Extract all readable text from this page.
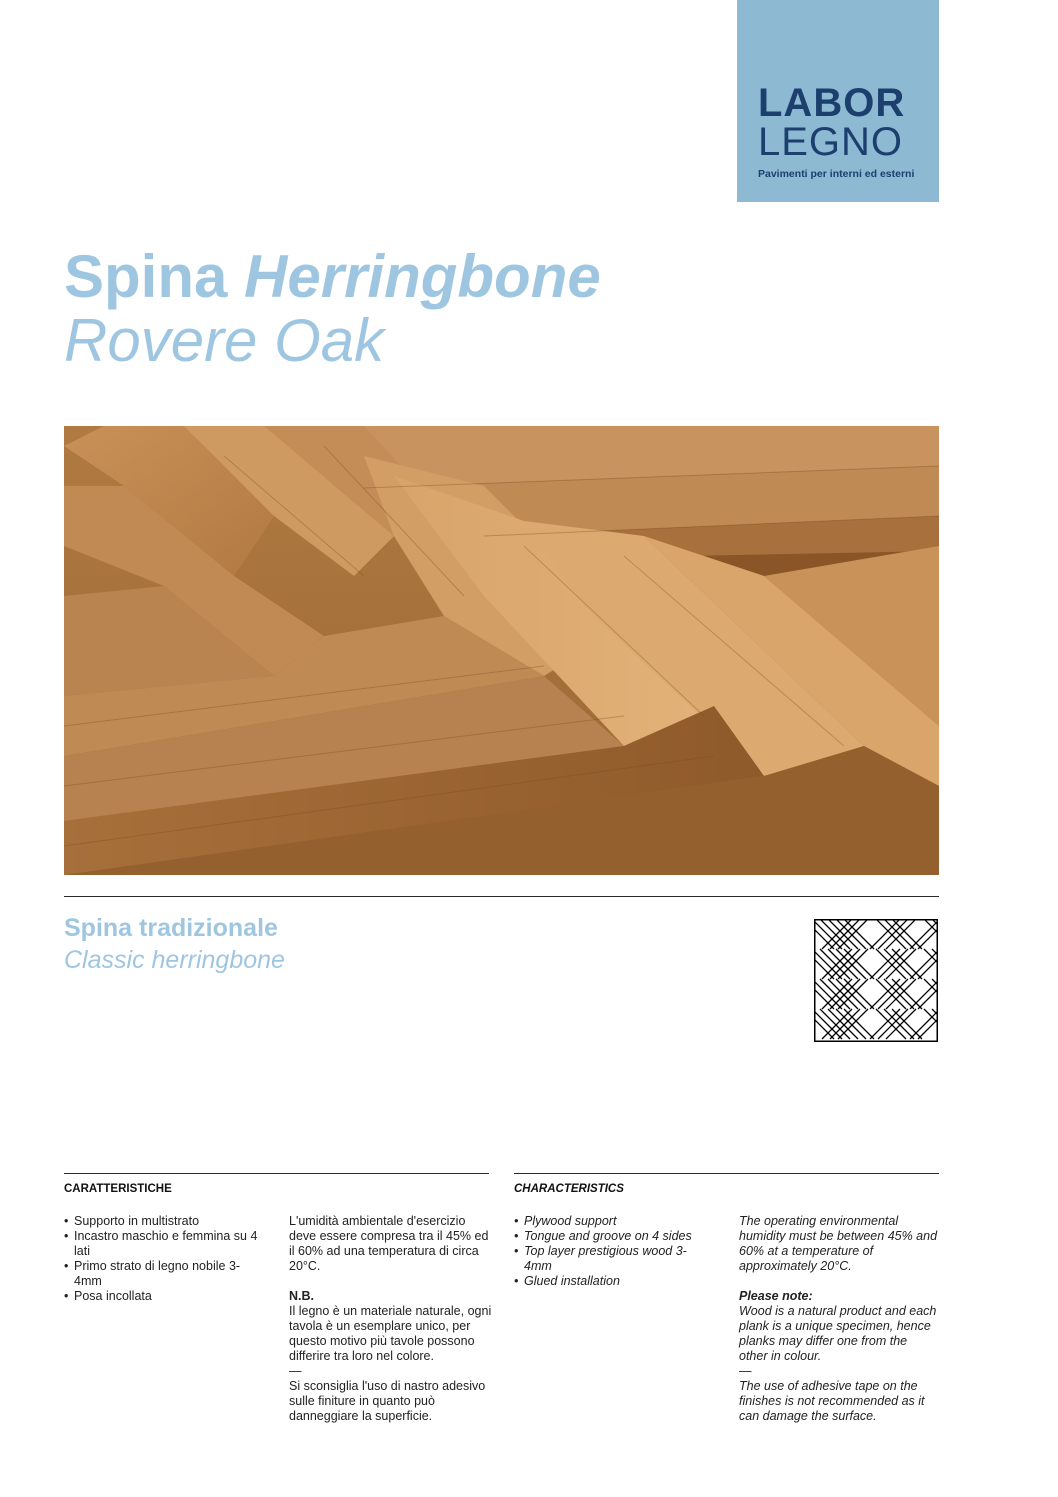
LABOR
LEGNO
Pavimenti per interni ed esterni
Spina Herringbone
Rovere Oak
Spina tradizionale
Classic herringbone
CARATTERISTICHE
• Supporto in multistrato
• Incastro maschio e femmina su 4 lati
• Primo strato di legno nobile 3-4mm
• Posa incollata

L'umidità ambientale d'esercizio deve essere compresa tra il 45% ed il 60% ad una temperatura di circa 20°C.

N.B.

Il legno è un materiale naturale, ogni tavola è un esemplare unico, per questo motivo più tavole possono differire tra loro nel colore.

—

Si sconsiglia l'uso di nastro adesivo sulle finiture in quanto può danneggiare la superficie.

CHARACTERISTICS
• Plywood support
• Tongue and groove on 4 sides
• Top layer prestigious wood 3-4mm
• Glued installation

The operating environmental humidity must be between 45% and 60% at a temperature of approximately 20°C.

Please note:

Wood is a natural product and each plank is a unique specimen, hence planks may differ one from the other in colour.

—

The use of adhesive tape on the finishes is not recommended as it can damage the surface.
